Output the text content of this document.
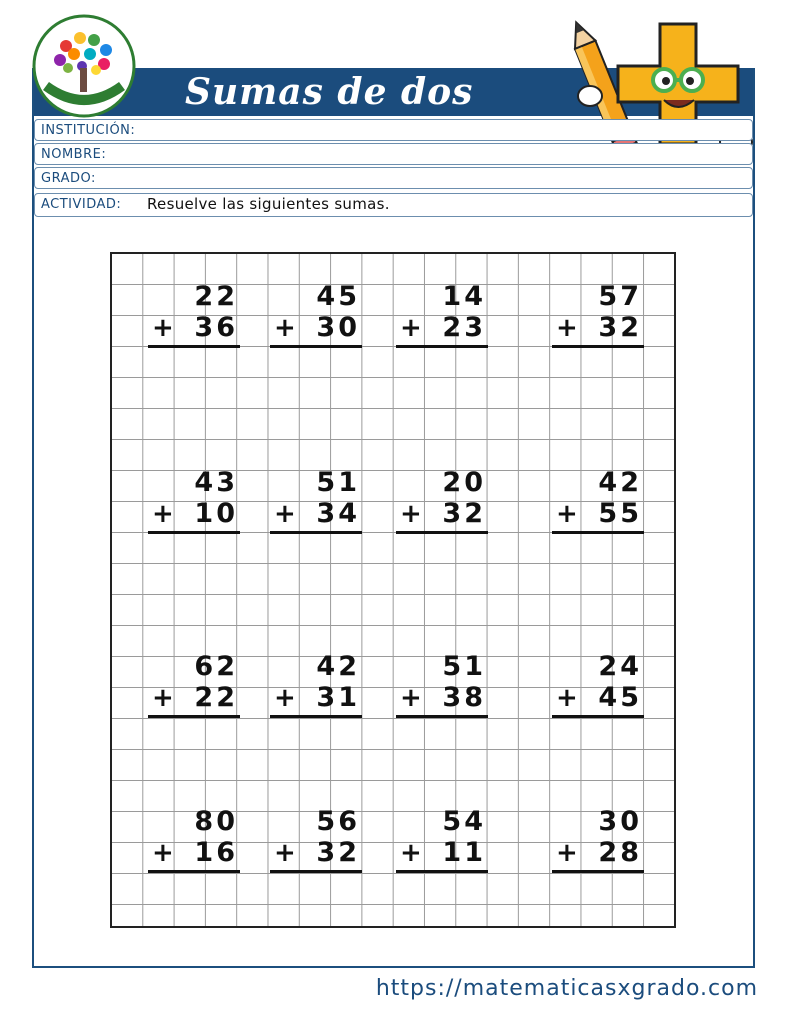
Sumas de dos
INSTITUCIÓN:
NOMBRE:
GRADO:
ACTIVIDAD: Resuelve las siguientes sumas.
22
+ 36
45
+ 30
14
+ 23
57
+ 32
43
+ 10
51
+ 34
20
+ 32
42
+ 55
62
+ 22
42
+ 31
51
+ 38
24
+ 45
80
+ 16
56
+ 32
54
+ 11
30
+ 28
https://matematicasxgrado.com
